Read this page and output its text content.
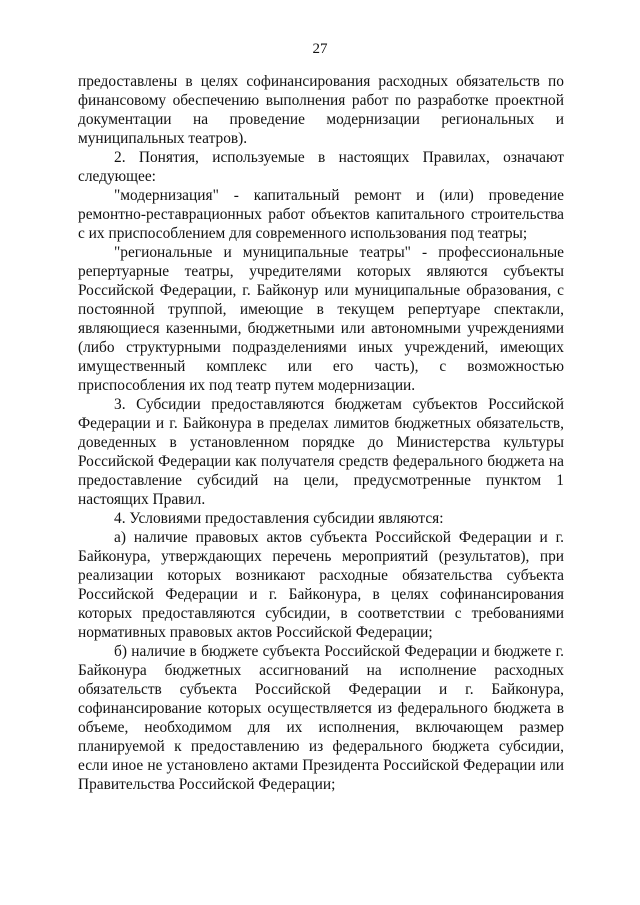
27

предоставлены в целях софинансирования расходных обязательств по финансовому обеспечению выполнения работ по разработке проектной документации на проведение модернизации региональных и муниципальных театров).

2. Понятия, используемые в настоящих Правилах, означают следующее:

"модернизация" - капитальный ремонт и (или) проведение ремонтно-реставрационных работ объектов капитального строительства с их приспособлением для современного использования под театры;

"региональные и муниципальные театры" - профессиональные репертуарные театры, учредителями которых являются субъекты Российской Федерации, г. Байконур или муниципальные образования, с постоянной труппой, имеющие в текущем репертуаре спектакли, являющиеся казенными, бюджетными или автономными учреждениями (либо структурными подразделениями иных учреждений, имеющих имущественный комплекс или его часть), с возможностью приспособления их под театр путем модернизации.

3. Субсидии предоставляются бюджетам субъектов Российской Федерации и г. Байконура в пределах лимитов бюджетных обязательств, доведенных в установленном порядке до Министерства культуры Российской Федерации как получателя средств федерального бюджета на предоставление субсидий на цели, предусмотренные пунктом 1 настоящих Правил.

4. Условиями предоставления субсидии являются:

а) наличие правовых актов субъекта Российской Федерации и г. Байконура, утверждающих перечень мероприятий (результатов), при реализации которых возникают расходные обязательства субъекта Российской Федерации и г. Байконура, в целях софинансирования которых предоставляются субсидии, в соответствии с требованиями нормативных правовых актов Российской Федерации;

б) наличие в бюджете субъекта Российской Федерации и бюджете г. Байконура бюджетных ассигнований на исполнение расходных обязательств субъекта Российской Федерации и г. Байконура, софинансирование которых осуществляется из федерального бюджета в объеме, необходимом для их исполнения, включающем размер планируемой к предоставлению из федерального бюджета субсидии, если иное не установлено актами Президента Российской Федерации или Правительства Российской Федерации;
